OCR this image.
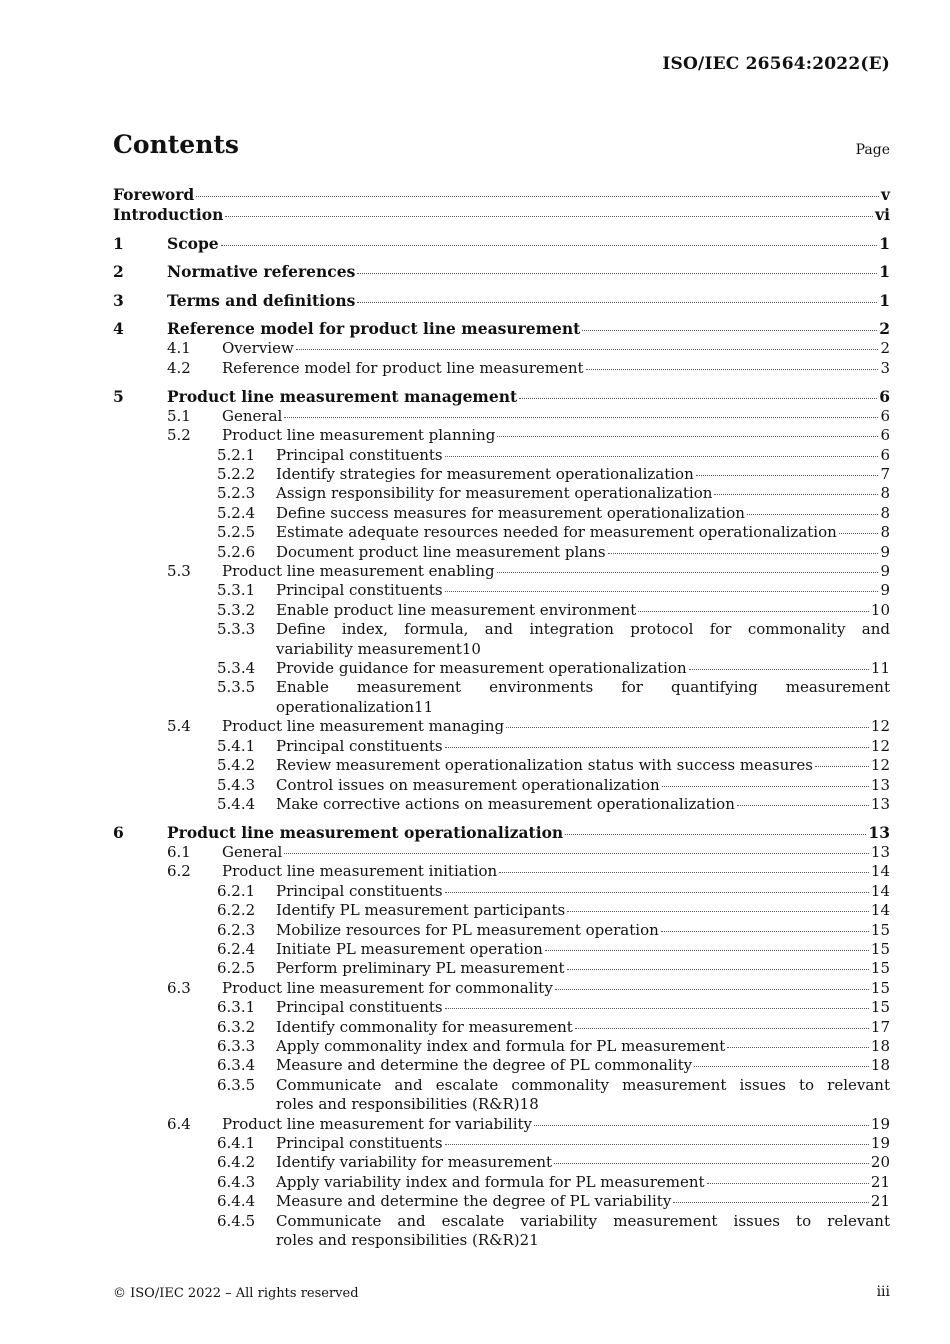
ISO/IEC 26564:2022(E)
Contents	Page
Foreword	v
Introduction	vi
1	Scope	1
2	Normative references	1
3	Terms and definitions	1
4	Reference model for product line measurement	2
4.1	Overview	2
4.2	Reference model for product line measurement	3
5	Product line measurement management	6
5.1	General	6
5.2	Product line measurement planning	6
5.2.1	Principal constituents	6
5.2.2	Identify strategies for measurement operationalization	7
5.2.3	Assign responsibility for measurement operationalization	8
5.2.4	Define success measures for measurement operationalization	8
5.2.5	Estimate adequate resources needed for measurement operationalization	8
5.2.6	Document product line measurement plans	9
5.3	Product line measurement enabling	9
5.3.1	Principal constituents	9
5.3.2	Enable product line measurement environment	10
5.3.3	Define index, formula, and integration protocol for commonality and
variability measurement 10
5.3.4	Provide guidance for measurement operationalization	11
5.3.5	Enable measurement environments for quantifying measurement
operationalization 11
5.4	Product line measurement managing	12
5.4.1	Principal constituents	12
5.4.2	Review measurement operationalization status with success measures	12
5.4.3	Control issues on measurement operationalization	13
5.4.4	Make corrective actions on measurement operationalization	13
6	Product line measurement operationalization	13
6.1	General	13
6.2	Product line measurement initiation	14
6.2.1	Principal constituents	14
6.2.2	Identify PL measurement participants	14
6.2.3	Mobilize resources for PL measurement operation	15
6.2.4	Initiate PL measurement operation	15
6.2.5	Perform preliminary PL measurement	15
6.3	Product line measurement for commonality	15
6.3.1	Principal constituents	15
6.3.2	Identify commonality for measurement	17
6.3.3	Apply commonality index and formula for PL measurement	18
6.3.4	Measure and determine the degree of PL commonality	18
6.3.5	Communicate and escalate commonality measurement issues to relevant
roles and responsibilities (R&R) 18
6.4	Product line measurement for variability	19
6.4.1	Principal constituents	19
6.4.2	Identify variability for measurement	20
6.4.3	Apply variability index and formula for PL measurement	21
6.4.4	Measure and determine the degree of PL variability	21
6.4.5	Communicate and escalate variability measurement issues to relevant
roles and responsibilities (R&R) 21
© ISO/IEC 2022 – All rights reserved	iii
